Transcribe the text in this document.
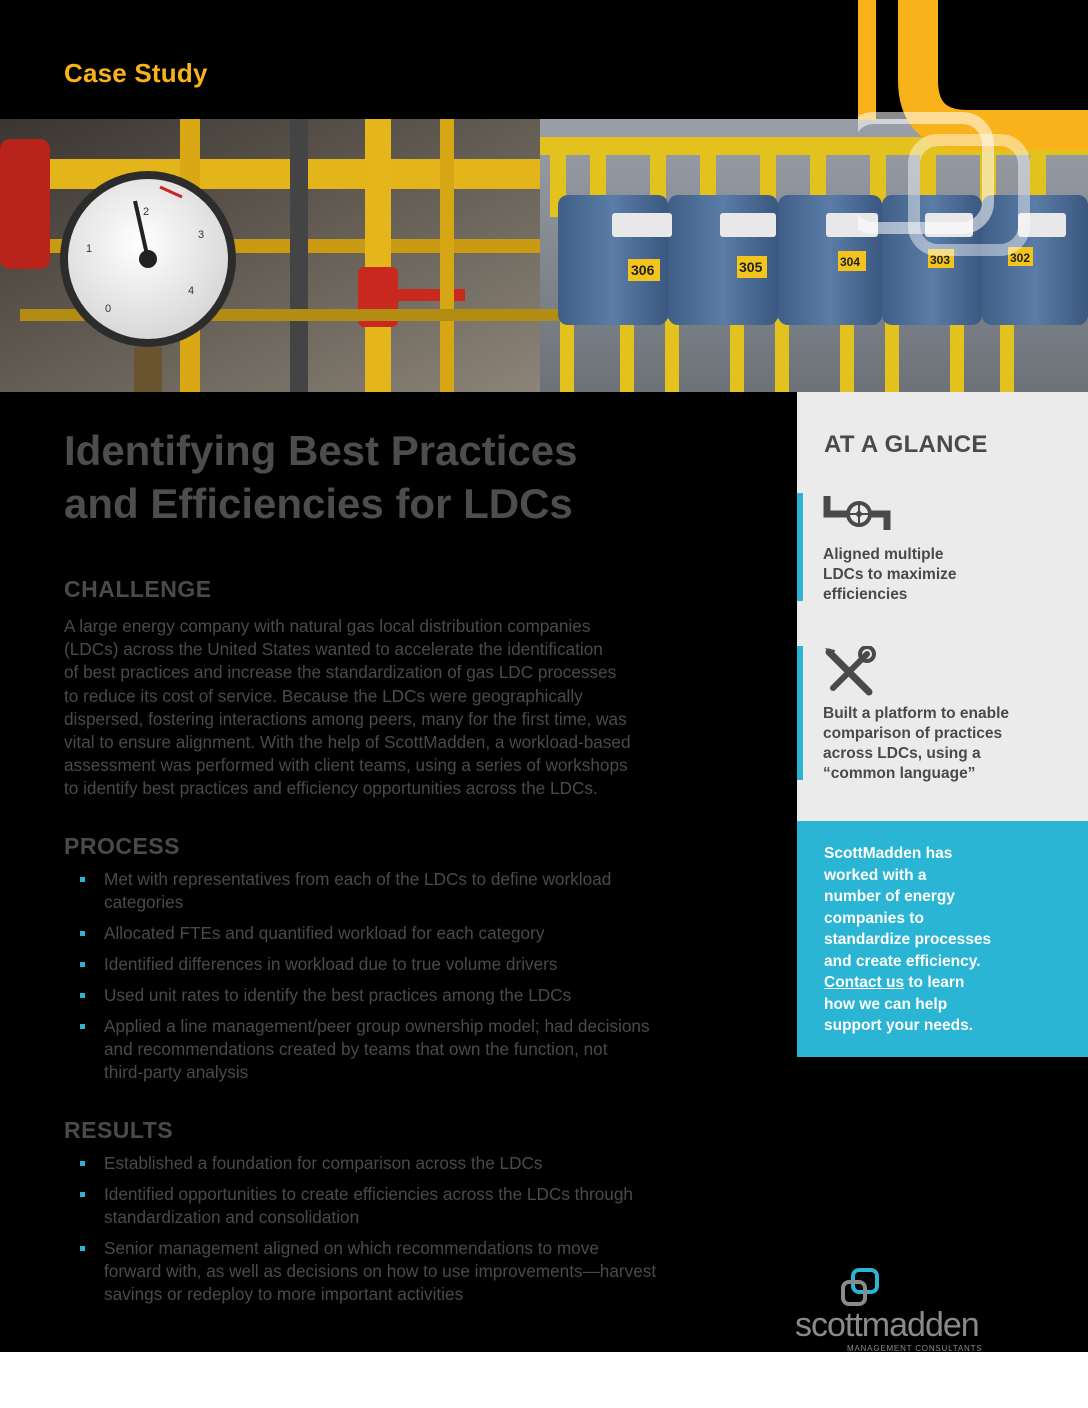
Case Study
0
1
2
3
4
306	305	304	303	302
Identifying Best Practices
and Efficiencies for LDCs
CHALLENGE
A large energy company with natural gas local distribution companies
(LDCs) across the United States wanted to accelerate the identification
of best practices and increase the standardization of gas LDC processes
to reduce its cost of service. Because the LDCs were geographically
dispersed, fostering interactions among peers, many for the first time, was
vital to ensure alignment. With the help of ScottMadden, a workload-based
assessment was performed with client teams, using a series of workshops
to identify best practices and efficiency opportunities across the LDCs.
PROCESS
Met with representatives from each of the LDCs to define workload
categories
Allocated FTEs and quantified workload for each category
Identified differences in workload due to true volume drivers
Used unit rates to identify the best practices among the LDCs
Applied a line management/peer group ownership model; had decisions
and recommendations created by teams that own the function, not
third-party analysis
RESULTS
Established a foundation for comparison across the LDCs
Identified opportunities to create efficiencies across the LDCs through
standardization and consolidation
Senior management aligned on which recommendations to move
forward with, as well as decisions on how to use improvements—harvest
savings or redeploy to more important activities
AT A GLANCE
Aligned multiple
LDCs to maximize
efficiencies
Built a platform to enable
comparison of practices
across LDCs, using a
“common language”
ScottMadden has
worked with a
number of energy
companies to
standardize processes
and create efficiency.
Contact us to learn
how we can help
support your needs.
scottmadden
MANAGEMENT CONSULTANTS
